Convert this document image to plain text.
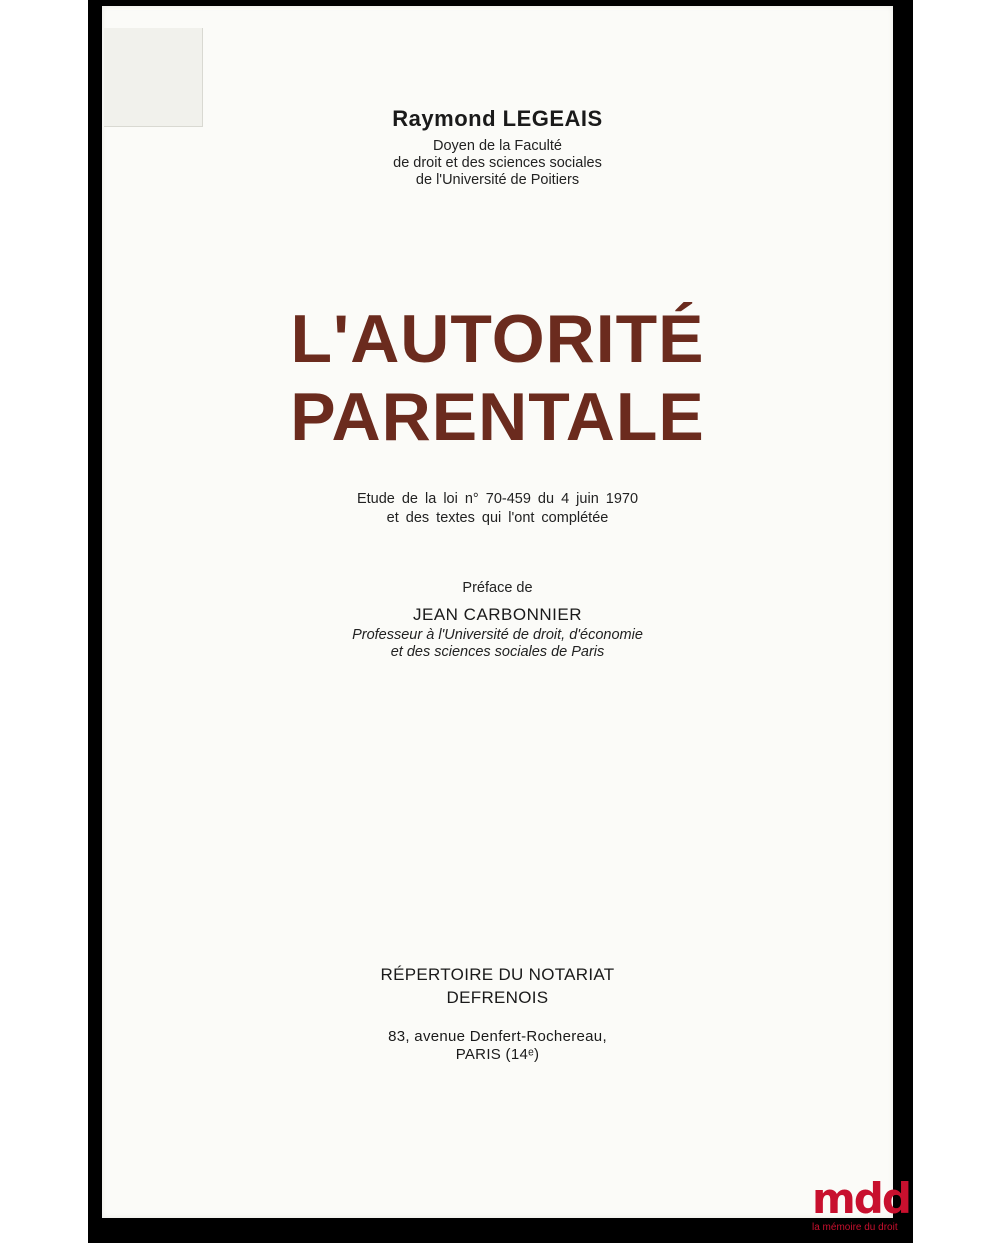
Raymond LEGEAIS
Doyen de la Faculté
de droit et des sciences sociales
de l'Université de Poitiers
L'AUTORITÉ
PARENTALE
Etude de la loi n° 70-459 du 4 juin 1970
et des textes qui l'ont complétée
Préface de
JEAN CARBONNIER
Professeur à l'Université de droit, d'économie
et des sciences sociales de Paris
RÉPERTOIRE DU NOTARIAT
DEFRENOIS
83, avenue Denfert-Rochereau,
PARIS (14ᵉ)
mdd
la mémoire du droit
